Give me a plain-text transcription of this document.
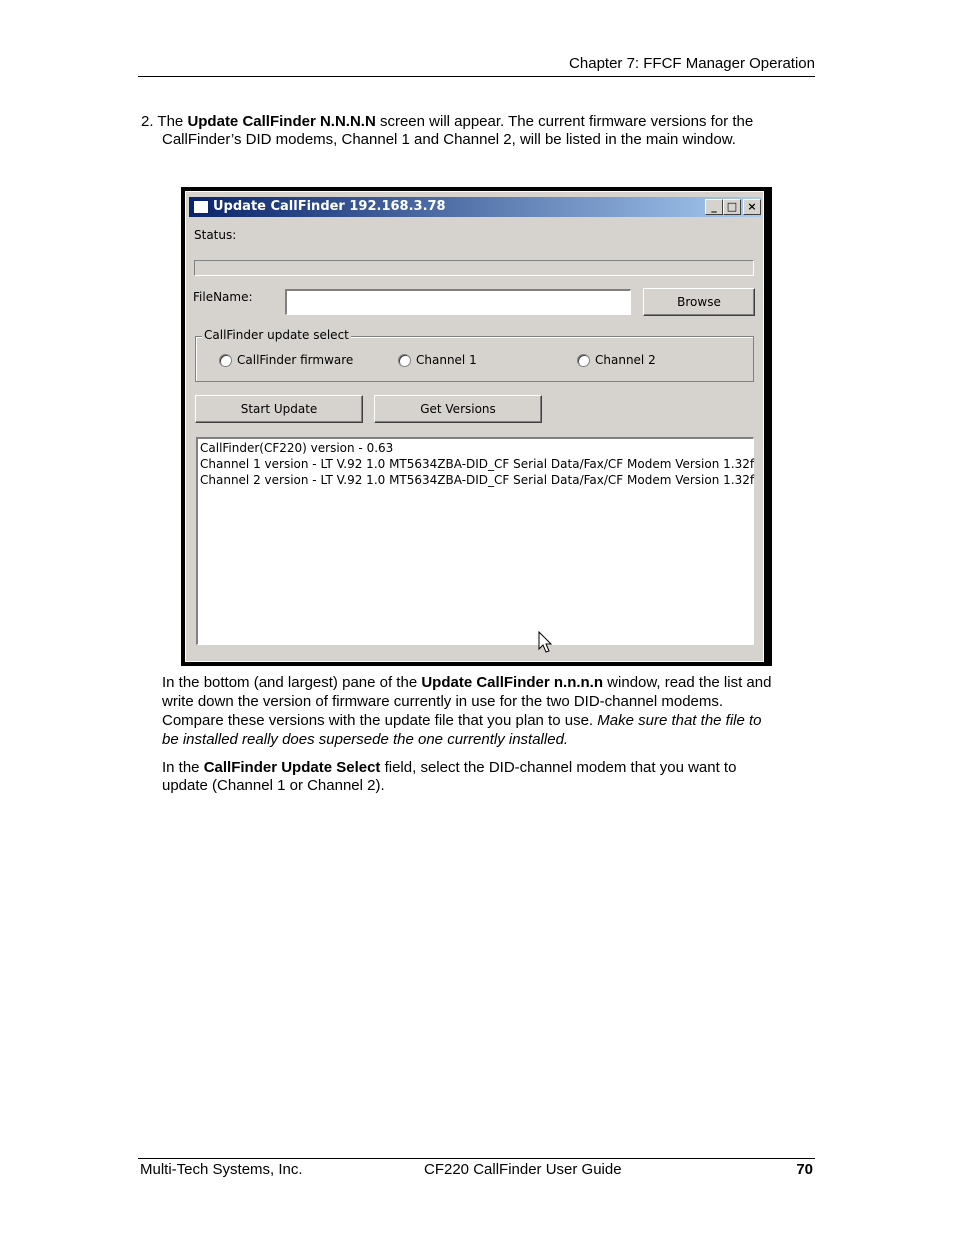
Chapter 7: FFCF Manager Operation
2. The Update CallFinder N.N.N.N screen will appear. The current firmware versions for the
CallFinder’s DID modems, Channel 1 and Channel 2, will be listed in the main window.
Update CallFinder 192.168.3.78	_ □ ×
Status:
FileName:	Browse
CallFinder update select
CallFinder firmware	Channel 1	Channel 2
Start Update	Get Versions
CallFinder(CF220) version - 0.63
Channel 1 version - LT V.92 1.0 MT5634ZBA-DID_CF Serial Data/Fax/CF Modem Version 1.32f
Channel 2 version - LT V.92 1.0 MT5634ZBA-DID_CF Serial Data/Fax/CF Modem Version 1.32f
In the bottom (and largest) pane of the Update CallFinder n.n.n.n window, read the list and
write down the version of firmware currently in use for the two DID-channel modems.
Compare these versions with the update file that you plan to use. Make sure that the file to
be installed really does supersede the one currently installed.
In the CallFinder Update Select field, select the DID-channel modem that you want to
update (Channel 1 or Channel 2).
Multi-Tech Systems, Inc.	CF220 CallFinder User Guide	70
